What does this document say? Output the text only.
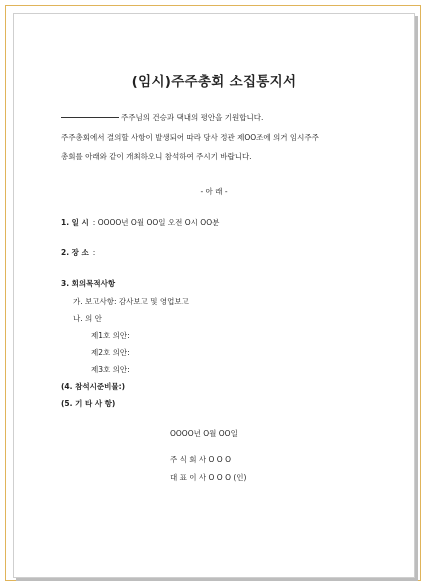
(임시)주주총회 소집통지서
주주님의 건승과 댁내의 평안을 기원합니다.
주주총회에서 결의할 사항이 발생되어 따라 당사 정관 제OO조에 의거 임시주주
총회를 아래와 같이 개최하오니 참석하여 주시기 바랍니다.
- 아 래 -
1. 일 시 : OOOO년 O월 OO일 오전 O시 OO분
2. 장 소 :
3. 회의목적사항
가. 보고사항: 감사보고 및 영업보고
나. 의 안
제1호 의안:
제2호 의안:
제3호 의안:
(4. 참석시준비물:)
(5. 기 타 사 항)
OOOO년 O월 OO일
주 식 회 사 O O O
대 표 이 사 O O O (인)
